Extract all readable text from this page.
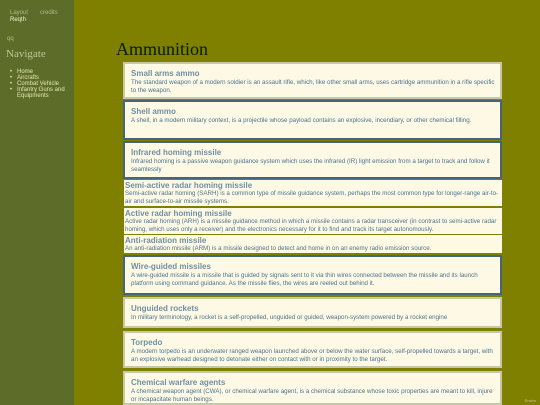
Layout credits
Reqth
qq
Navigate
• Home
• Aircrafts
• Combat Vehicle
• Infantry Guns and Equipments
Ammunition
Small arms ammo
The standard weapon of a modern soldier is an assault rifle, which, like other small arms, uses cartridge ammunition in a rifle specific to the weapon.
Shell ammo
A shell, in a modern military context, is a projectile whose payload contains an explosive, incendiary, or other chemical filling.
Infrared homing missile
Infrared homing is a passive weapon guidance system which uses the infrared (IR) light emission from a target to track and follow it seamlessly
Semi-active radar homing missile
Semi-active radar homing (SARH) is a common type of missile guidance system, perhaps the most common type for longer-range air-to-air and surface-to-air missile systems.
Active radar homing missile
Active radar homing (ARH) is a missile guidance method in which a missile contains a radar transceiver (in contrast to semi-active radar homing, which uses only a receiver) and the electronics necessary for it to find and track its target autonomously.
Anti-radiation missile
An anti-radiation missile (ARM) is a missile designed to detect and home in on an enemy radio emission source.
Wire-guided missiles
A wire-guided missile is a missile that is guided by signals sent to it via thin wires connected between the missile and its launch platform using command guidance. As the missile flies, the wires are reeled out behind it.
Unguided rockets
In military terminology, a rocket is a self-propelled, unguided or guided, weapon-system powered by a rocket engine
Torpedo
A modern torpedo is an underwater ranged weapon launched above or below the water surface, self-propelled towards a target, with an explosive warhead designed to detonate either on contact with or in proximity to the target.
Chemical warfare agents
A chemical weapon agent (CWA), or chemical warfare agent, is a chemical substance whose toxic properties are meant to kill, injure or incapacitate human beings.	Enviro
